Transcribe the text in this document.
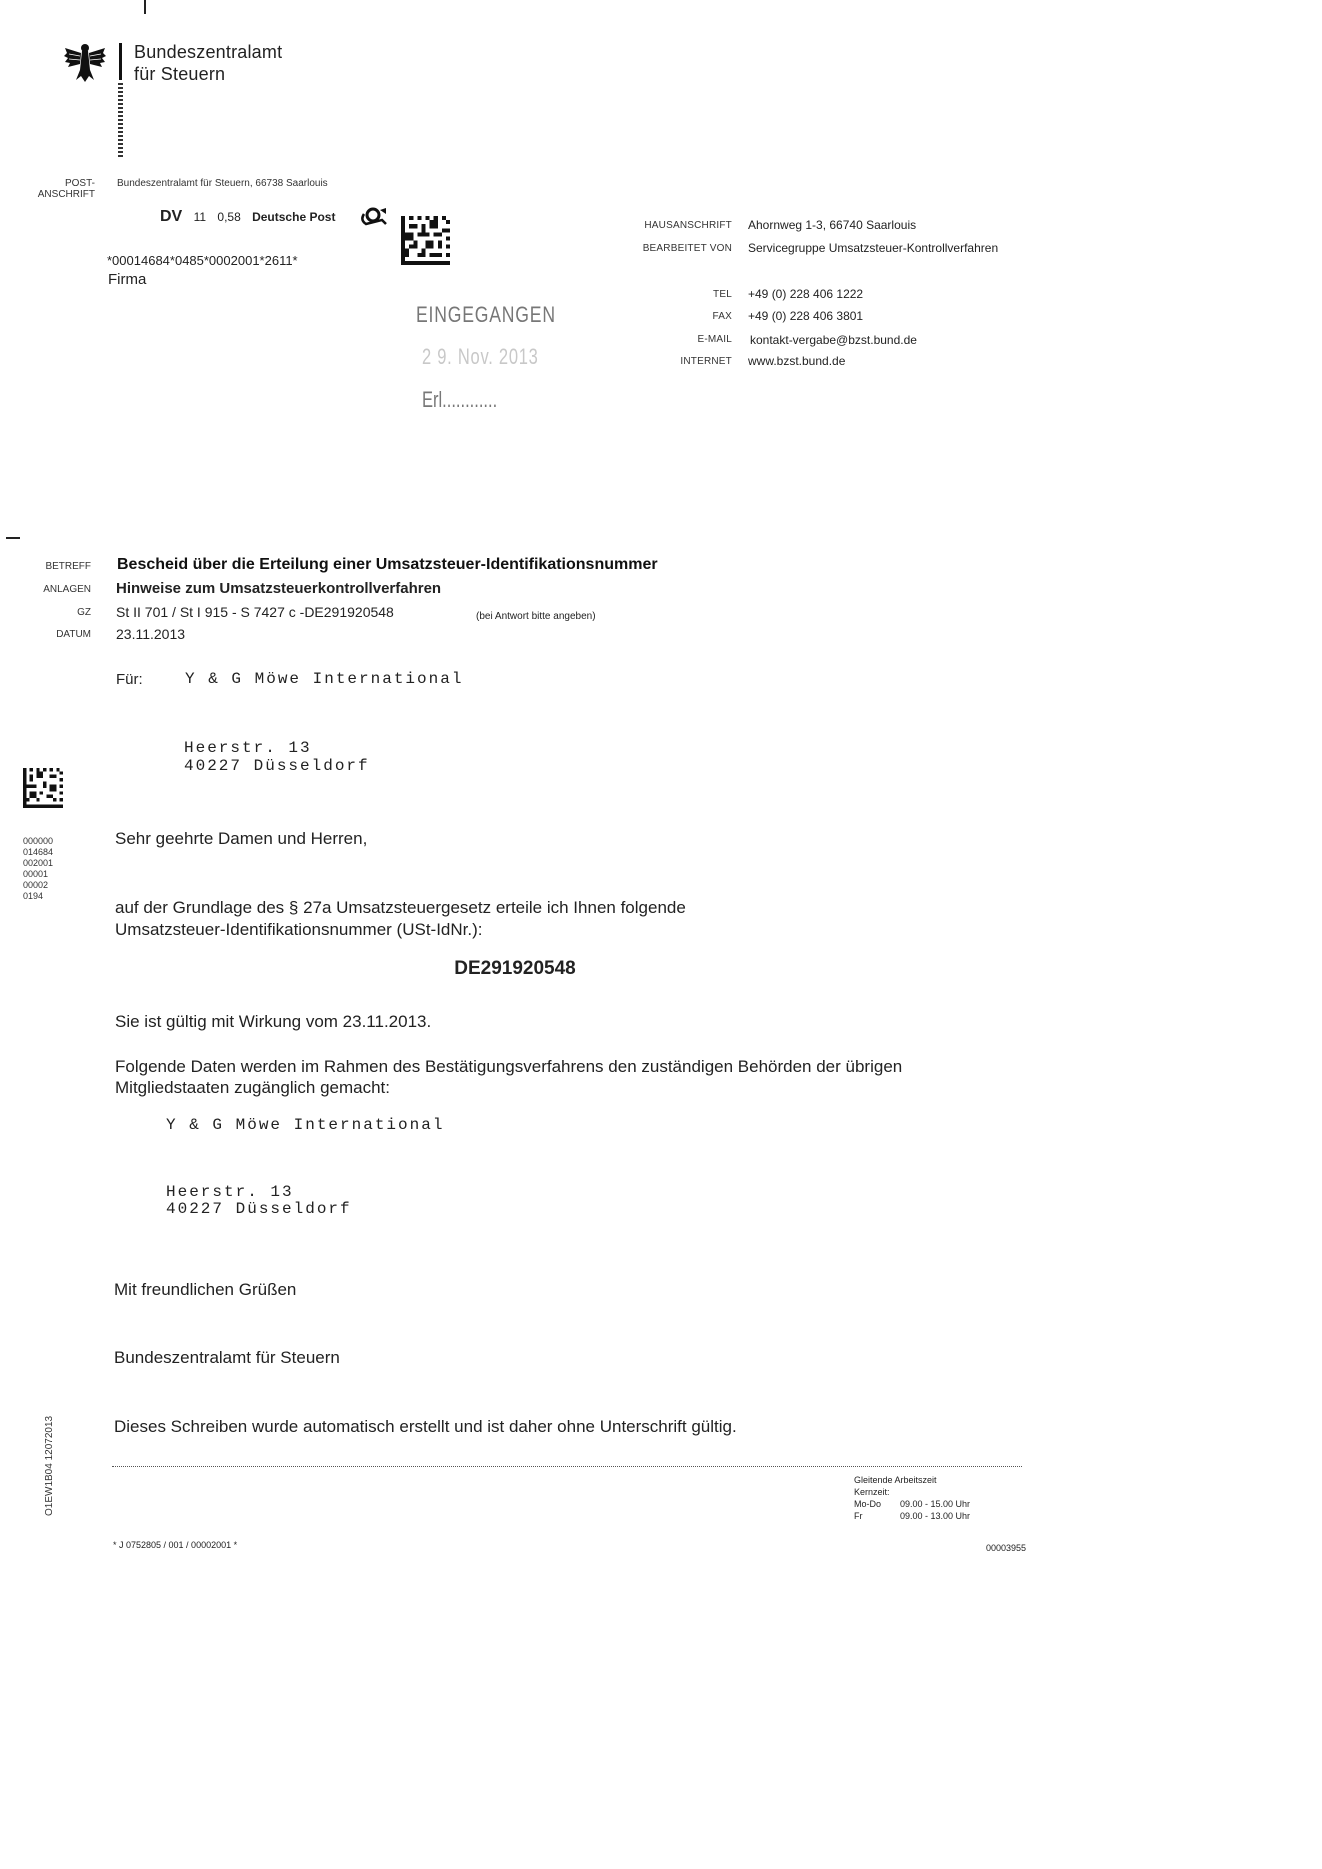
Bundeszentralamt
für Steuern
POST-
ANSCHRIFT
Bundeszentralamt für Steuern, 66738 Saarlouis
DV 11 0,58 Deutsche Post
*00014684*0485*0002001*2611*
Firma
EINGEGANGEN
2 9. Nov. 2013
Erl............
HAUSANSCHRIFT Ahornweg 1-3, 66740 Saarlouis
BEARBEITET VON Servicegruppe Umsatzsteuer-Kontrollverfahren
TEL +49 (0) 228 406 1222
FAX +49 (0) 228 406 3801
E-MAIL kontakt-vergabe@bzst.bund.de
INTERNET www.bzst.bund.de
BETREFF Bescheid über die Erteilung einer Umsatzsteuer-Identifikationsnummer
ANLAGEN Hinweise zum Umsatzsteuerkontrollverfahren
GZ St II 701 / St I 915 - S 7427 c -DE291920548	(bei Antwort bitte angeben)
DATUM 23.11.2013
Für:	Y & G Möwe International
Heerstr. 13
40227 Düsseldorf
000000
014684
002001
00001
00002
0194
Sehr geehrte Damen und Herren,
auf der Grundlage des § 27a Umsatzsteuergesetz erteile ich Ihnen folgende
Umsatzsteuer-Identifikationsnummer (USt-IdNr.):
DE291920548
Sie ist gültig mit Wirkung vom 23.11.2013.
Folgende Daten werden im Rahmen des Bestätigungsverfahrens den zuständigen Behörden der übrigen
Mitgliedstaaten zugänglich gemacht:
Y & G Möwe International
Heerstr. 13
40227 Düsseldorf
Mit freundlichen Grüßen
Bundeszentralamt für Steuern
Dieses Schreiben wurde automatisch erstellt und ist daher ohne Unterschrift gültig.
O1EW1B04 12072013	Gleitende Arbeitszeit
Kernzeit:
Mo-Do 09.00 - 15.00 Uhr
Fr	09.00 - 13.00 Uhr
* J 0752805 / 001 / 00002001 *	00003955
